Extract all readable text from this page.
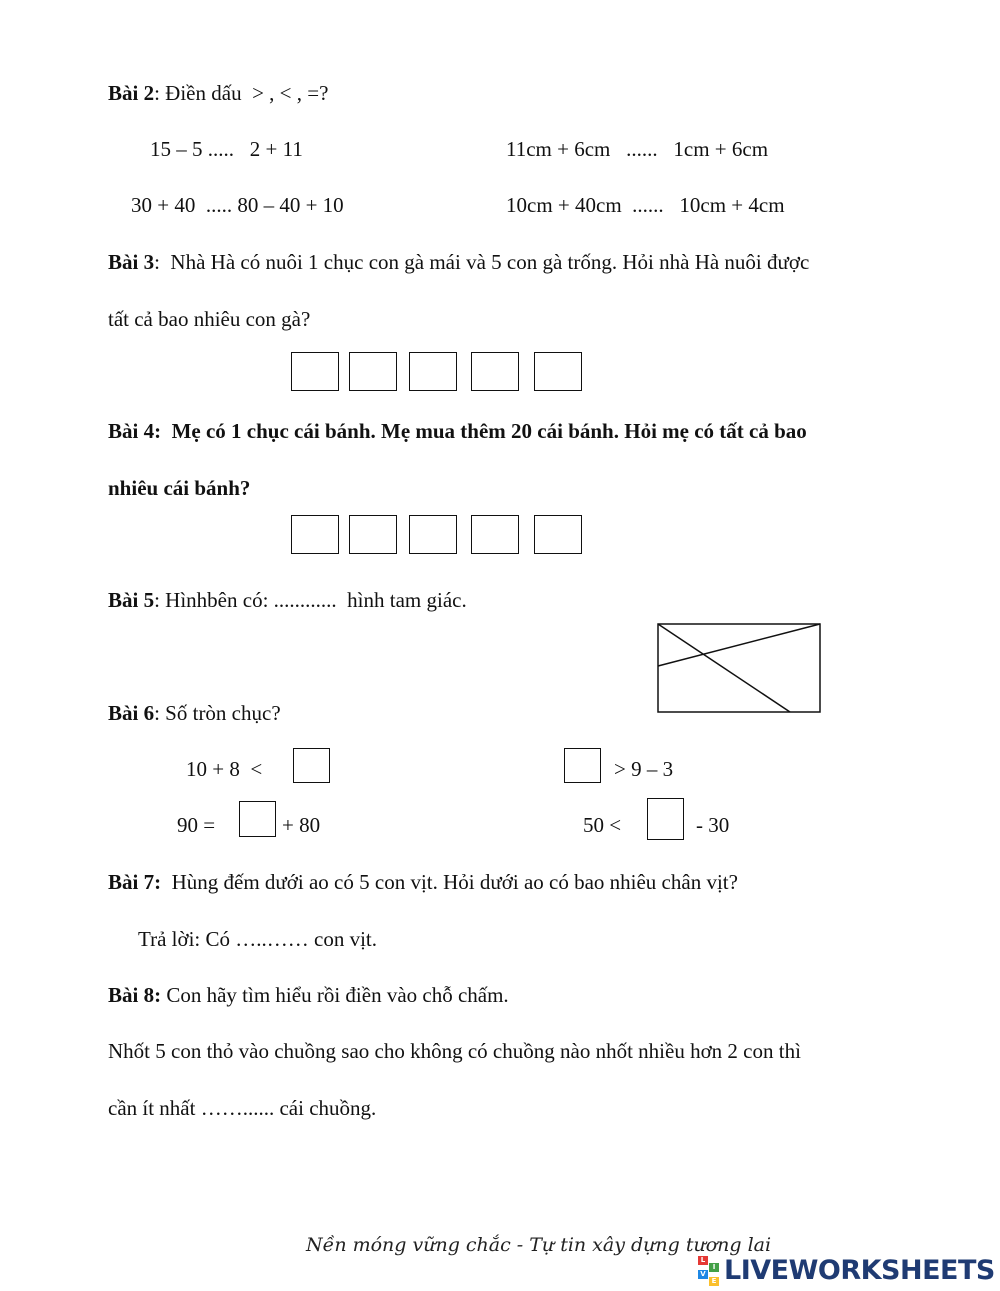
Bài 2: Điền dấu  > , < , =?
15 – 5 .....   2 + 11	11cm + 6cm   ......   1cm + 6cm
30 + 40  ..... 80 – 40 + 10	10cm + 40cm  ......   10cm + 4cm
Bài 3:  Nhà Hà có nuôi 1 chục con gà mái và 5 con gà trống. Hỏi nhà Hà nuôi được
tất cả bao nhiêu con gà?
Bài 4:  Mẹ có 1 chục cái bánh. Mẹ mua thêm 20 cái bánh. Hỏi mẹ có tất cả bao
nhiêu cái bánh?
Bài 5: Hìnhbên có: ............  hình tam giác.
Bài 6: Số tròn chục?
10 + 8  <	> 9 – 3
90 =	+ 80	50 <	- 30
Bài 7:  Hùng đếm dưới ao có 5 con vịt. Hỏi dưới ao có bao nhiêu chân vịt?
Trả lời: Có …..…… con vịt.
Bài 8: Con hãy tìm hiểu rồi điền vào chỗ chấm.
Nhốt 5 con thỏ vào chuồng sao cho không có chuồng nào nhốt nhiều hơn 2 con thì
cần ít nhất ……...... cái chuồng.
Nền móng vững chắc - Tự tin xây dựng tương lai
L
I
V
E LIVEWORKSHEETS
